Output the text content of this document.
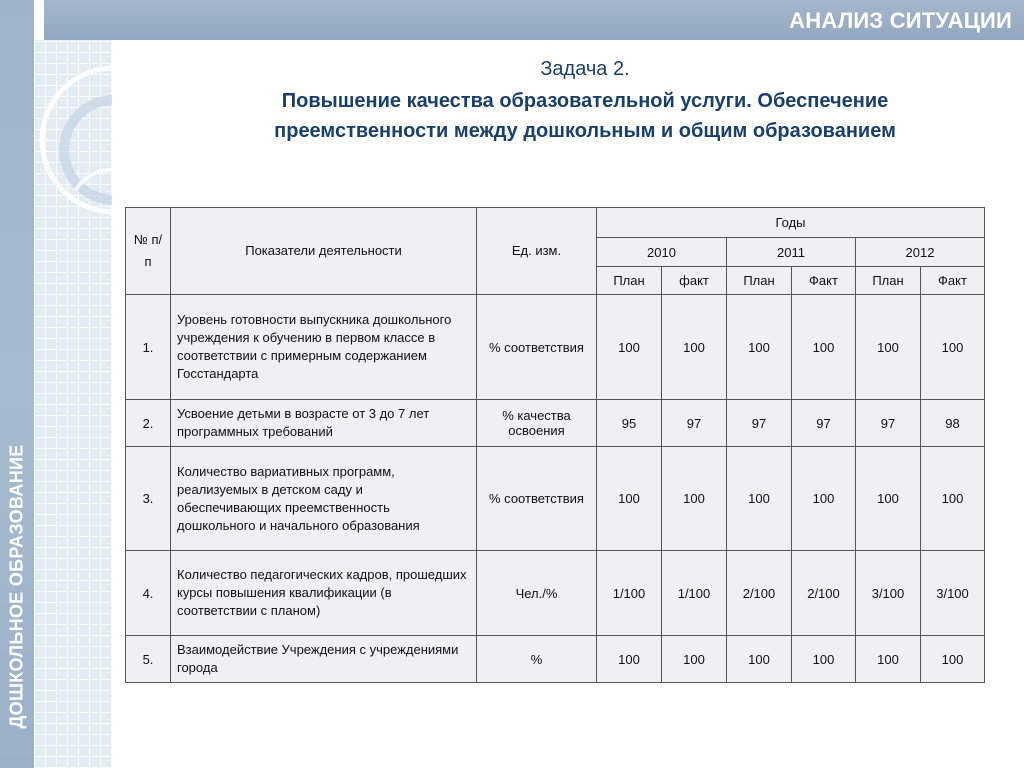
ДОШКОЛЬНОЕ ОБРАЗОВАНИЕ
АНАЛИЗ СИТУАЦИИ
Задача 2.
Повышение качества образовательной услуги. Обеспечение
преемственности между дошкольным и общим образованием
№ п/п	Показатели деятельности	Ед. изм.	Годы					
			2010		2011		2012	
			План	факт	План	Факт	План	Факт
1.	Уровень готовности выпускника дошкольного учреждения к обучению в первом классе в соответствии с примерным содержанием Госстандарта	% соответствия	100	100	100	100	100	100
2.	Усвоение детьми в возрасте от 3 до 7 лет программных требований	% качества освоения	95	97	97	97	97	98
3.	Количество вариативных программ, реализуемых в детском саду и обеспечивающих преемственность дошкольного и начального образования	% соответствия	100	100	100	100	100	100
4.	Количество педагогических кадров, прошедших курсы повышения квалификации (в соответствии с планом)	Чел./%	1/100	1/100	2/100	2/100	3/100	3/100
5.	Взаимодействие Учреждения с учреждениями города	%	100	100	100	100	100	100
